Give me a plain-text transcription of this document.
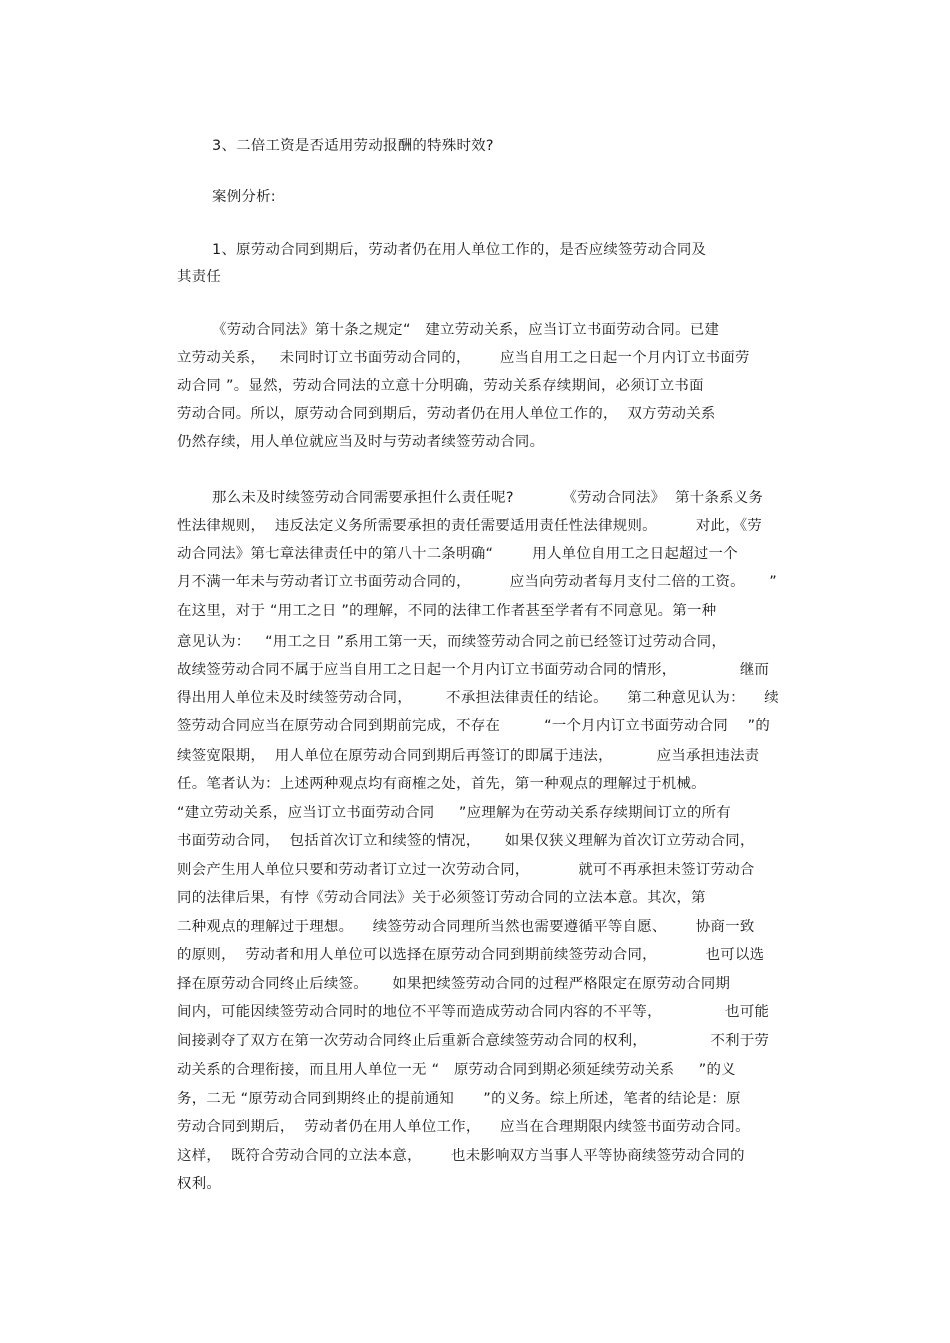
3、二倍工资是否适用劳动报酬的特殊时效?
案例分析:
1、原劳动合同到期后，劳动者仍在用人单位工作的，是否应续签劳动合同及
其责任
《劳动合同法》第十条之规定“   建立劳动关系，应当订立书面劳动合同。已建
立劳动关系，   未同时订立书面劳动合同的，      应当自用工之日起一个月内订立书面劳
动合同 ”。显然，劳动合同法的立意十分明确，劳动关系存续期间，必须订立书面
劳动合同。所以，原劳动合同到期后，劳动者仍在用人单位工作的，  双方劳动关系
仍然存续，用人单位就应当及时与劳动者续签劳动合同。
那么未及时续签劳动合同需要承担什么责任呢?          《劳动合同法》  第十条系义务
性法律规则，  违反法定义务所需要承担的责任需要适用责任性法律规则。        对此，《劳
动合同法》第七章法律责任中的第八十二条明确“        用人单位自用工之日起超过一个
月不满一年未与劳动者订立书面劳动合同的，        应当向劳动者每月支付二倍的工资。     ”
在这里，对于 “用工之日 ”的理解，不同的法律工作者甚至学者有不同意见。第一种
意见认为：   “用工之日 ”系用工第一天，而续签劳动合同之前已经签订过劳动合同，
故续签劳动合同不属于应当自用工之日起一个月内订立书面劳动合同的情形，             继而
得出用人单位未及时续签劳动合同，       不承担法律责任的结论。    第二种意见认为：    续
签劳动合同应当在原劳动合同到期前完成，不存在         “一个月内订立书面劳动合同    ”的
续签宽限期，  用人单位在原劳动合同到期后再签订的即属于违法，         应当承担违法责
任。笔者认为：上述两种观点均有商榷之处，首先，第一种观点的理解过于机械。
“建立劳动关系，应当订立书面劳动合同     ”应理解为在劳动关系存续期间订立的所有
书面劳动合同，  包括首次订立和续签的情况，     如果仅狭义理解为首次订立劳动合同，
则会产生用人单位只要和劳动者订立过一次劳动合同，          就可不再承担未签订劳动合
同的法律后果，有悖《劳动合同法》关于必须签订劳动合同的立法本意。其次，第
二种观点的理解过于理想。    续签劳动合同理所当然也需要遵循平等自愿、      协商一致
的原则，  劳动者和用人单位可以选择在原劳动合同到期前续签劳动合同，          也可以选
择在原劳动合同终止后续签。     如果把续签劳动合同的过程严格限定在原劳动合同期
间内，可能因续签劳动合同时的地位不平等而造成劳动合同内容的不平等，             也可能
间接剥夺了双方在第一次劳动合同终止后重新合意续签劳动合同的权利，             不利于劳
动关系的合理衔接，而且用人单位一无 “   原劳动合同到期必须延续劳动关系     ”的义
务，二无 “原劳动合同到期终止的提前通知      ”的义务。综上所述，笔者的结论是：原
劳动合同到期后，  劳动者仍在用人单位工作，    应当在合理期限内续签书面劳动合同。
这样，  既符合劳动合同的立法本意，      也未影响双方当事人平等协商续签劳动合同的
权利。
